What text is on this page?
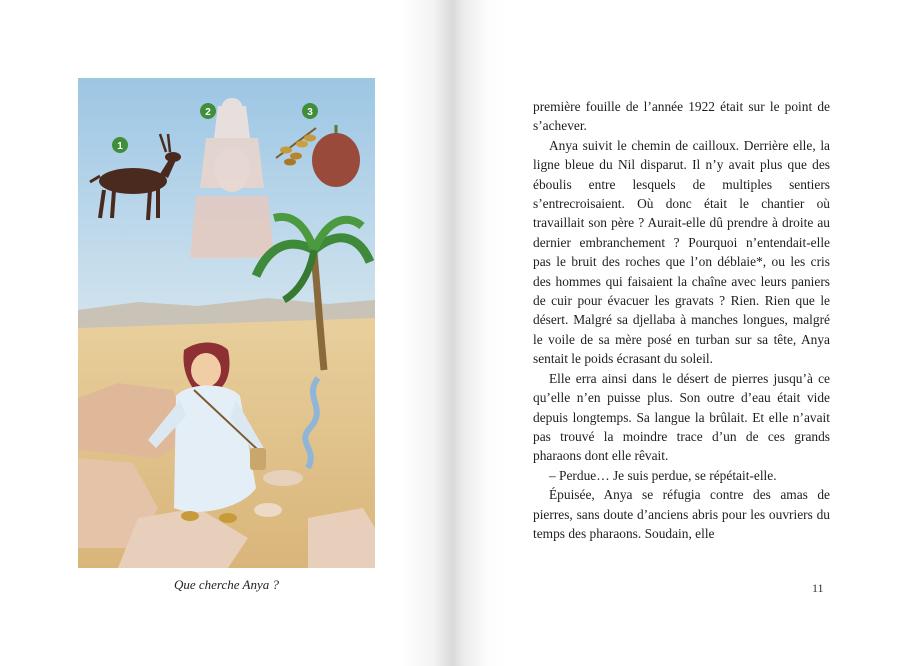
1
2	3
Que cherche Anya ?

première fouille de l’année 1922 était sur le point de s’achever.

Anya suivit le chemin de cailloux. Derrière elle, la ligne bleue du Nil disparut. Il n’y avait plus que des éboulis entre lesquels de multiples sentiers s’entrecroisaient. Où donc était le chantier où travaillait son père ? Aurait-elle dû prendre à droite au dernier embranchement ? Pourquoi n’entendait-elle pas le bruit des roches que l’on déblaie*, ou les cris des hommes qui faisaient la chaîne avec leurs paniers de cuir pour évacuer les gravats ? Rien. Rien que le désert. Malgré sa djellaba à manches longues, malgré le voile de sa mère posé en turban sur sa tête, Anya sentait le poids écrasant du soleil.

Elle erra ainsi dans le désert de pierres jusqu’à ce qu’elle n’en puisse plus. Son outre d’eau était vide depuis longtemps. Sa langue la brûlait. Et elle n’avait pas trouvé la moindre trace d’un de ces grands pharaons dont elle rêvait.

– Perdue… Je suis perdue, se répétait-elle.

Épuisée, Anya se réfugia contre des amas de pierres, sans doute d’anciens abris pour les ouvriers du temps des pharaons. Soudain, elle

11
